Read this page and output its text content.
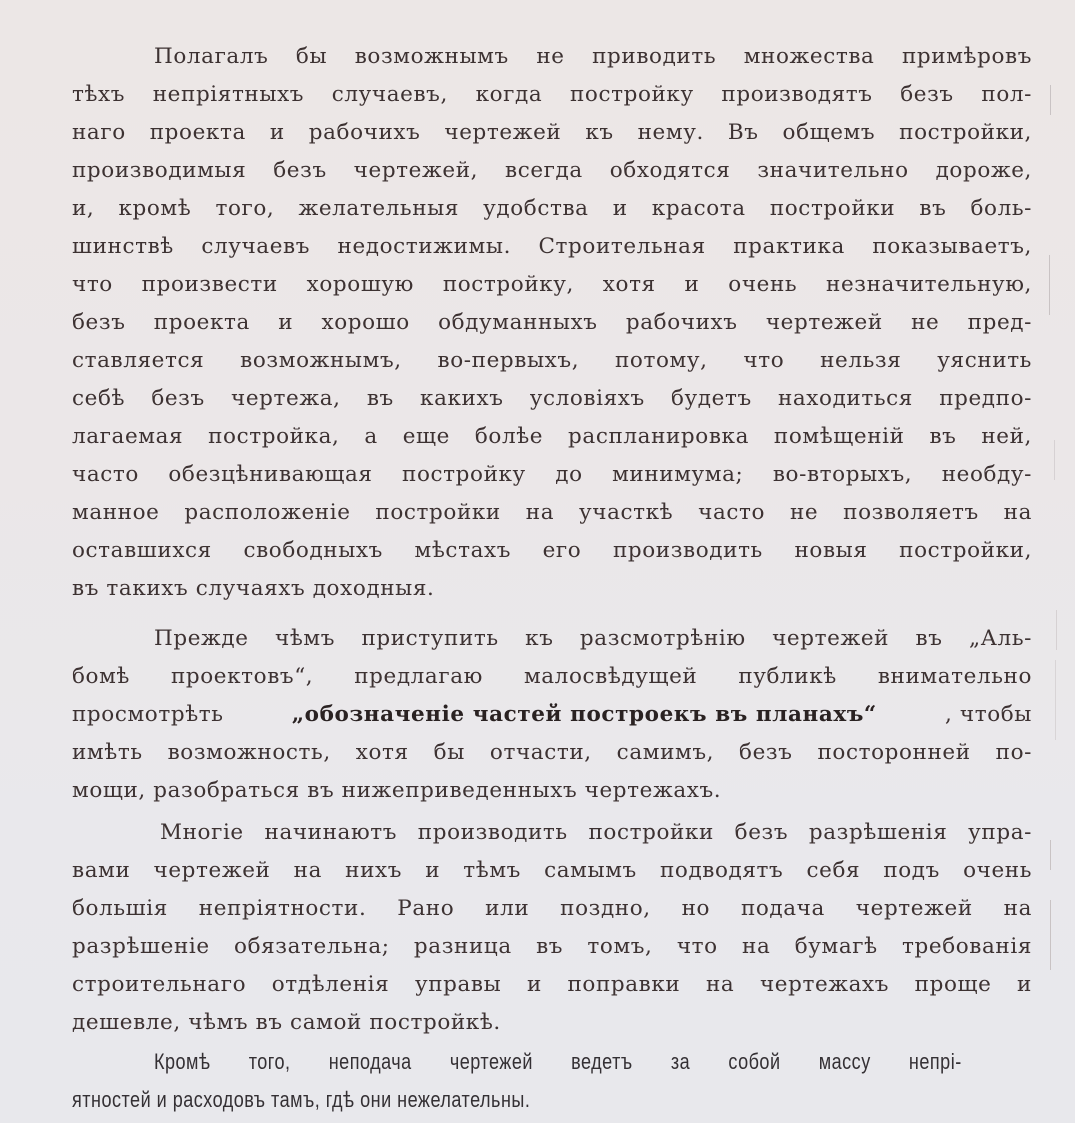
Полагалъ бы возможнымъ не приводить множества примѣровъ
тѣхъ непріятныхъ случаевъ, когда постройку производятъ безъ пол-
наго проекта и рабочихъ чертежей къ нему. Въ общемъ постройки,
производимыя безъ чертежей, всегда обходятся значительно дороже,
и, кромѣ того, желательныя удобства и красота постройки въ боль-
шинствѣ случаевъ недостижимы. Строительная практика показываетъ,
что произвести хорошую постройку, хотя и очень незначительную,
безъ проекта и хорошо обдуманныхъ рабочихъ чертежей не пред-
ставляется возможнымъ, во-первыхъ, потому, что нельзя уяснить
себѣ безъ чертежа, въ какихъ условіяхъ будетъ находиться предпо-
лагаемая постройка, а еще болѣе распланировка помѣщеній въ ней,
часто обезцѣнивающая постройку до минимума; во-вторыхъ, необду-
манное расположеніе постройки на участкѣ часто не позволяетъ на
оставшихся свободныхъ мѣстахъ его производить новыя постройки,
въ такихъ случаяхъ доходныя.
Прежде чѣмъ приступить къ разсмотрѣнію чертежей въ „Аль-
бомѣ проектовъ“, предлагаю малосвѣдущей публикѣ внимательно
просмотрѣть	„обозначеніе частей построекъ въ планахъ“	, чтобы
имѣть возможность, хотя бы отчасти, самимъ, безъ посторонней по-
мощи, разобраться въ нижеприведенныхъ чертежахъ.
Многіе начинаютъ производить постройки безъ разрѣшенія упра-
вами чертежей на нихъ и тѣмъ самымъ подводятъ себя подъ очень
большія непріятности. Рано или поздно, но подача чертежей на
разрѣшеніе обязательна; разница въ томъ, что на бумагѣ требованія
строительнаго отдѣленія управы и поправки на чертежахъ проще и
дешевле, чѣмъ въ самой постройкѣ.
Кромѣ того, неподача чертежей ведетъ за собой массу непрі-
ятностей и расходовъ тамъ, гдѣ они нежелательны.
